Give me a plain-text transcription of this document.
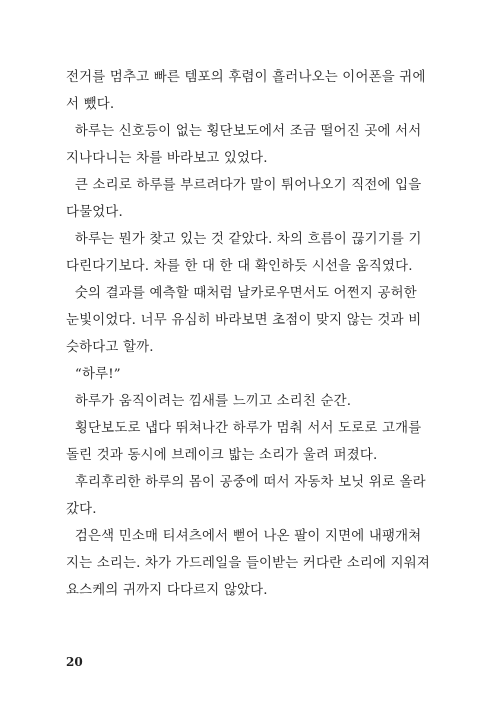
전거를 멈추고 빠른 템포의 후렴이 흘러나오는 이어폰을 귀에
서 뺐다.
하루는 신호등이 없는 횡단보도에서 조금 떨어진 곳에 서서
지나다니는 차를 바라보고 있었다.
큰 소리로 하루를 부르려다가 말이 튀어나오기 직전에 입을
다물었다.
하루는 뭔가 찾고 있는 것 같았다. 차의 흐름이 끊기기를 기
다린다기보다. 차를 한 대 한 대 확인하듯 시선을 움직였다.
숫의 결과를 예측할 때처럼 날카로우면서도 어쩐지 공허한
눈빛이었다. 너무 유심히 바라보면 초점이 맞지 않는 것과 비
슷하다고 할까.
“하루!”
하루가 움직이려는 낌새를 느끼고 소리친 순간.
횡단보도로 냅다 뛰쳐나간 하루가 멈춰 서서 도로로 고개를
돌린 것과 동시에 브레이크 밟는 소리가 울려 퍼졌다.
후리후리한 하루의 몸이 공중에 떠서 자동차 보닛 위로 올라
갔다.
검은색 민소매 티셔츠에서 뻗어 나온 팔이 지면에 내팽개쳐
지는 소리는. 차가 가드레일을 들이받는 커다란 소리에 지워져
요스케의 귀까지 다다르지 않았다.
20
